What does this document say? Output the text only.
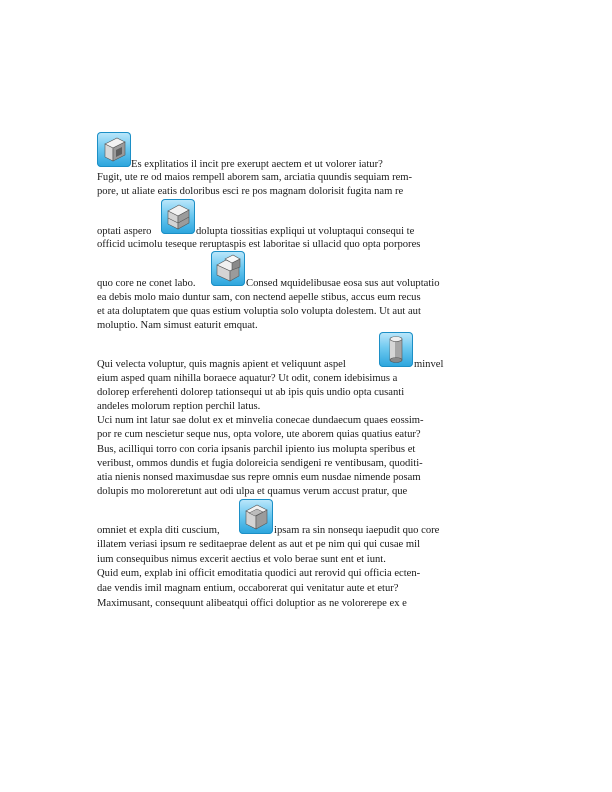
Es explitatios il incit pre exerupt aectem et ut volorer iatur?
Fugit, ute re od maios rempell aborem sam, arciatia quundis sequiam rem-
pore, ut aliate eatis doloribus esci re pos magnam dolorisit fugita nam re
optati aspero	dolupta tiossitias expliqui ut voluptaqui consequi te
officid ucimolu teseque reruptaspis est laboritae si ullacid quo opta porpores
quo core ne conet labo.	Consed мquidelibusae eosa sus aut voluptatio
ea debis molo maio duntur sam, con nectend aepelle stibus, accus eum recus
et ata doluptatem que quas estium voluptia solo volupta dolestem. Ut aut aut
moluptio. Nam simust eaturit emquat.
Qui velecta voluptur, quis magnis apient et veliquunt aspel	minvel
eium asped quam nihilla boraece aquatur? Ut odit, conem idebisimus a
dolorep erferehenti dolorep tationsequi ut ab ipis quis undio opta cusanti
andeles molorum reption perchil latus.
Uci num int latur sae dolut ex et minvelia conecae dundaecum quaes eossim-
por re cum nescietur seque nus, opta volore, ute aborem quias quatius eatur?
Bus, acilliqui torro con coria ipsanis parchil ipiento ius molupta speribus et
veribust, ommos dundis et fugia doloreicia sendigeni re ventibusam, quoditi-
atia nienis nonsed maximusdae sus repre omnis eum nusdae nimende posam
dolupis mo moloreretunt aut odi ulpa et quamus verum accust pratur, que
omniet et expla diti cuscium,	ipsam ra sin nonsequ iaepudit quo core
illatem veriasi ipsum re seditaeprae delent as aut et pe nim qui qui cusae mil
ium consequibus nimus excerit aectius et volo berae sunt ent et iunt.
Quid eum, explab ini officit emoditatia quodici aut rerovid qui officia ecten-
dae vendis imil magnam entium, occaborerat qui venitatur aute et etur?
Maximusant, consequunt alibeatqui offici doluptior as ne volorerepe ex e
